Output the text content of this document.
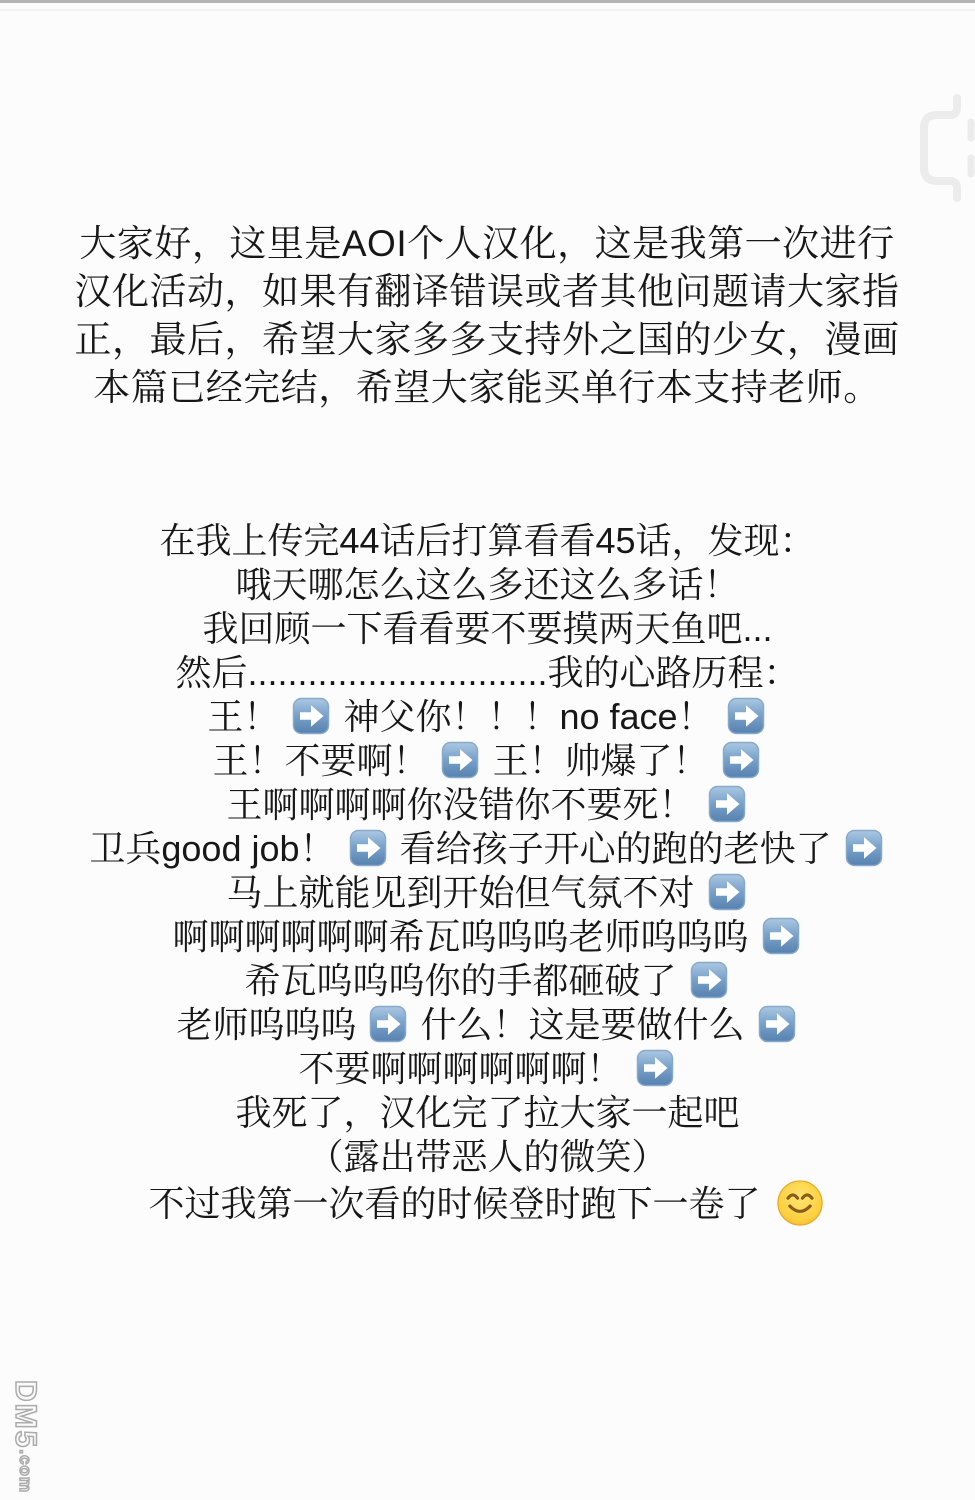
大家好，这里是AOI个人汉化，这是我第一次进行
汉化活动，如果有翻译错误或者其他问题请大家指
正，最后，希望大家多多支持外之国的少女，漫画
本篇已经完结，希望大家能买单行本支持老师。
在我上传完44话后打算看看45话，发现：
哦天哪怎么这么多还这么多话！
我回顾一下看看要不要摸两天鱼吧...
然后..............................我的心路历程：
王！ 神父你！！！no face！
王！不要啊！ 王！帅爆了！
王啊啊啊啊你没错你不要死！
卫兵good job！ 看给孩子开心的跑的老快了
马上就能见到开始但气氛不对
啊啊啊啊啊啊希瓦呜呜呜老师呜呜呜
希瓦呜呜呜你的手都砸破了
老师呜呜呜 什么！这是要做什么
不要啊啊啊啊啊啊！
我死了，汉化完了拉大家一起吧
（露出带恶人的微笑）
不过我第一次看的时候登时跑下一卷了
DM5.com
